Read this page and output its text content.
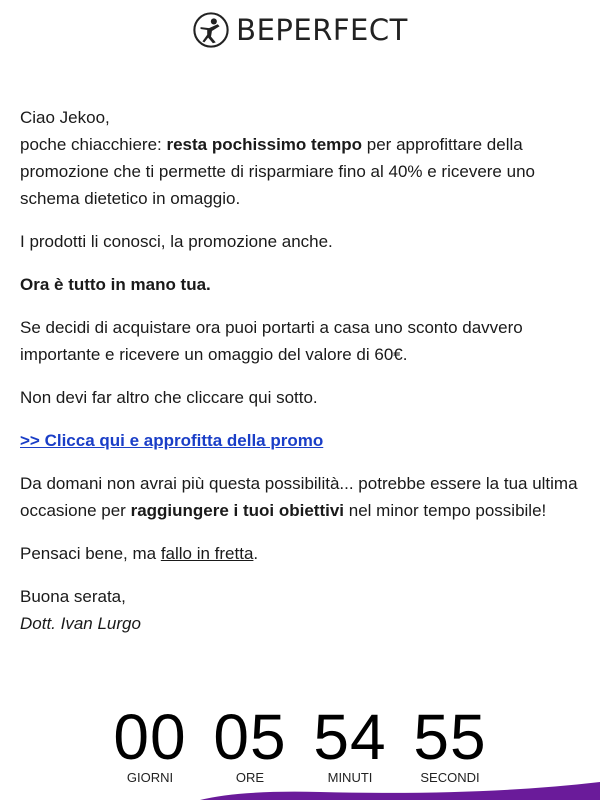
BEPERFECT

Ciao Jekoo,
poche chiacchiere: resta pochissimo tempo per approfittare della promozione che ti permette di risparmiare fino al 40% e ricevere uno schema dietetico in omaggio.

I prodotti li conosci, la promozione anche.

Ora è tutto in mano tua.

Se decidi di acquistare ora puoi portarti a casa uno sconto davvero importante e ricevere un omaggio del valore di 60€.

Non devi far altro che cliccare qui sotto.

>> Clicca qui e approfitta della promo

Da domani non avrai più questa possibilità... potrebbe essere la tua ultima occasione per raggiungere i tuoi obiettivi nel minor tempo possibile!

Pensaci bene, ma fallo in fretta.

Buona serata,
Dott. Ivan Lurgo

00
GIORNI
05
ORE
54
MINUTI
55
SECONDI
